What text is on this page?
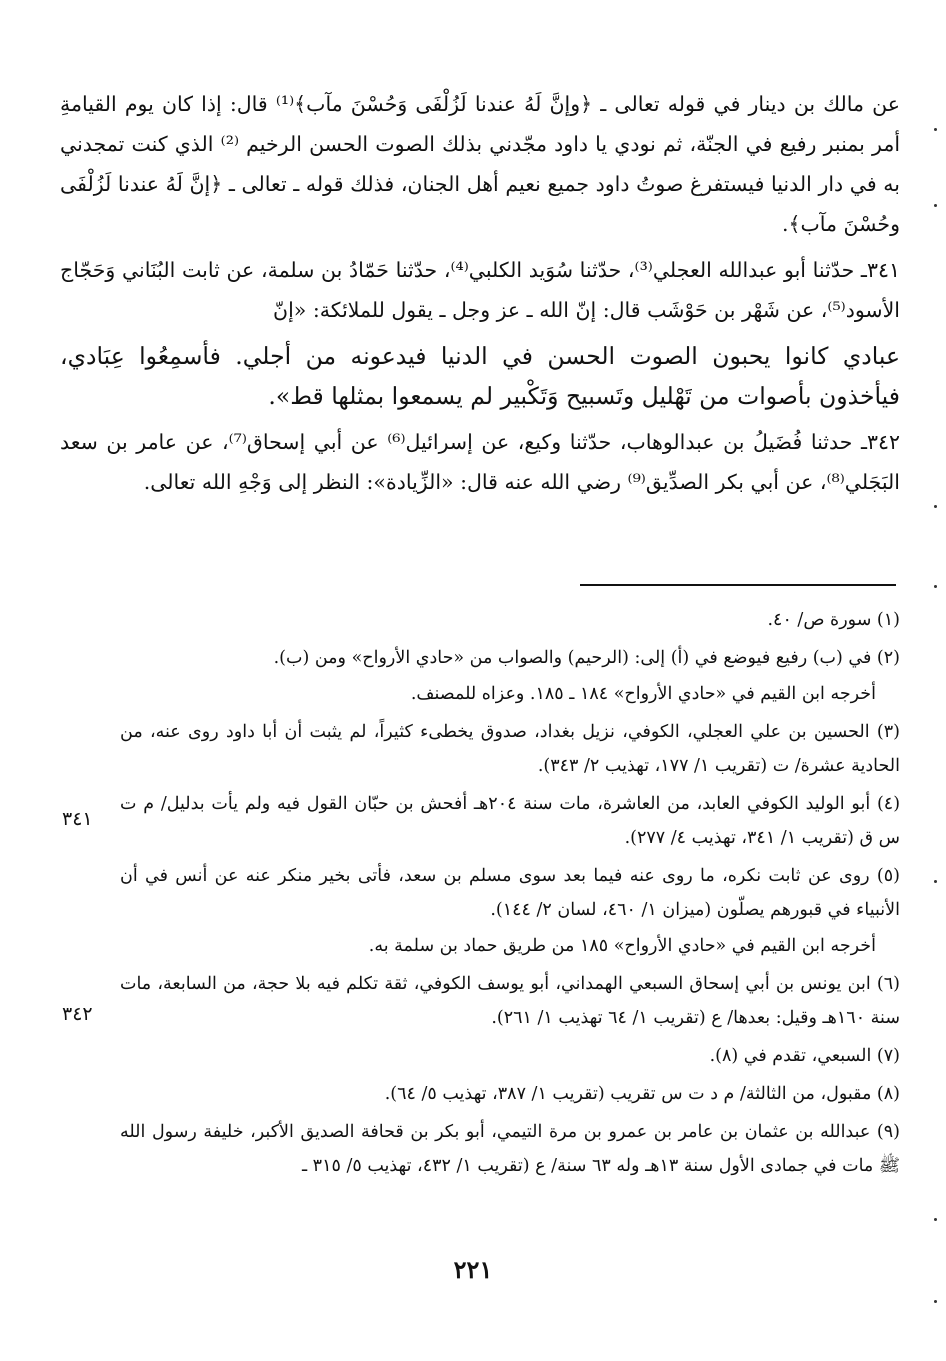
عن مالك بن دينار في قوله تعالى ـ ﴿وإنَّ لَهُ عندنا لَزُلْفَى وَحُسْنَ مآب﴾⁽¹⁾ قال: إذا كان يوم القيامةِ أمر بمنبر رفيع في الجنّة، ثم نودي يا داود مجّدني بذلك الصوت الحسن الرخيم ⁽²⁾ الذي كنت تمجدني به في دار الدنيا فيستفرغ صوتُ داود جميع نعيم أهل الجنان، فذلك قوله ـ تعالى ـ ﴿إنَّ لَهُ عندنا لَزُلْفَى وحُسْنَ مآب﴾.

٣٤١ـ حدّثنا أبو عبدالله العجلي⁽³⁾، حدّثنا سُوَيد الكلبي⁽⁴⁾، حدّثنا حَمّادُ بن سلمة، عن ثابت البُنَاني وَحَجّاج الأسود⁽⁵⁾، عن شَهْر بن حَوْشَب قال: إنّ الله ـ عز وجل ـ يقول للملائكة: «إنّ

عبادي كانوا يحبون الصوت الحسن في الدنيا فيدعونه من أجلي. فأسمِعُوا عِبَادي، فيأخذون بأصوات من تَهْليل وتَسبيح وَتَكْبير لم يسمعوا بمثلها قط».

٣٤٢ـ حدثنا فُضَيلُ بن عبدالوهاب، حدّثنا وكيع، عن إسرائيل⁽⁶⁾ عن أبي إسحاق⁽⁷⁾، عن عامر بن سعد البَجَلي⁽⁸⁾، عن أبي بكر الصدِّيق⁽⁹⁾ رضي الله عنه قال: «الزِّيادة»: النظر إلى وَجْهِ الله تعالى.

(١) سورة ص/ ٤٠.
(٢) في (ب) رفيع فيوضع في (أ) إلى: (الرحيم) والصواب من «حادي الأرواح» ومن (ب).
أخرجه ابن القيم في «حادي الأرواح» ١٨٤ ـ ١٨٥. وعزاه للمصنف.
(٣) الحسين بن علي العجلي، الكوفي، نزيل بغداد، صدوق يخطىء كثيراً، لم يثبت أن أبا داود روى عنه، من الحادية عشرة/ ت (تقريب ١/ ١٧٧، تهذيب ٢/ ٣٤٣).
(٤) أبو الوليد الكوفي العابد، من العاشرة، مات سنة ٢٠٤هـ أفحش بن حبّان القول فيه ولم يأت بدليل/ م ت س ق (تقريب ١/ ٣٤١، تهذيب ٤/ ٢٧٧).
(٥) روى عن ثابت نكره، ما روى عنه فيما بعد سوى مسلم بن سعد، فأتى بخير منكر عنه عن أنس في أن الأنبياء في قبورهم يصلّون (ميزان ١/ ٤٦٠، لسان ٢/ ١٤٤).
أخرجه ابن القيم في «حادي الأرواح» ١٨٥ من طريق حماد بن سلمة به.
(٦) ابن يونس بن أبي إسحاق السبعي الهمداني، أبو يوسف الكوفي، ثقة تكلم فيه بلا حجة، من السابعة، مات سنة ١٦٠هـ وقيل: بعدها/ ع (تقريب ١/ ٦٤ تهذيب ١/ ٢٦١).
(٧) السبعي، تقدم في (٨).
(٨) مقبول، من الثالثة/ م د ت س تقريب (تقريب ١/ ٣٨٧، تهذيب ٥/ ٦٤).
(٩) عبدالله بن عثمان بن عامر بن عمرو بن مرة التيمي، أبو بكر بن قحافة الصديق الأكبر، خليفة رسول الله ﷺ مات في جمادى الأول سنة ١٣هـ وله ٦٣ سنة/ ع (تقريب ١/ ٤٣٢، تهذيب ٥/ ٣١٥ ـ
٣٤١
٣٤٢
٢٢١
